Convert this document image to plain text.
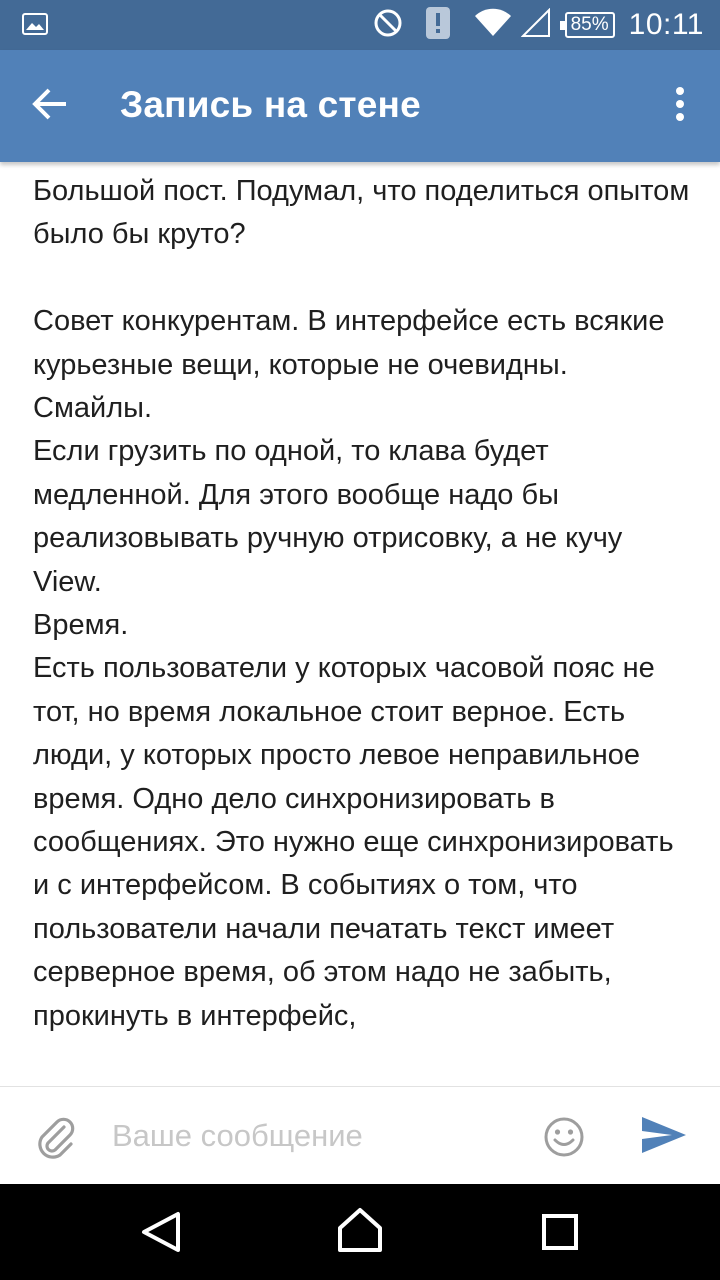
85% 10:11
Запись на стене

Большой пост. Подумал, что поделиться опытом было бы круто?

Совет конкурентам. В интерфейсе есть всякие курьезные вещи, которые не очевидны.

Смайлы.

Если грузить по одной, то клава будет медленной. Для этого вообще надо бы реализовывать ручную отрисовку, а не кучу View.

Время.

Есть пользователи у которых часовой пояс не тот, но время локальное стоит верное. Есть люди, у которых просто левое неправильное время. Одно дело синхронизировать в сообщениях. Это нужно еще синхронизировать и с интерфейсом. В событиях о том, что пользователи начали печатать текст имеет серверное время, об этом надо не забыть, прокинуть в интерфейс,

Ваше сообщение
